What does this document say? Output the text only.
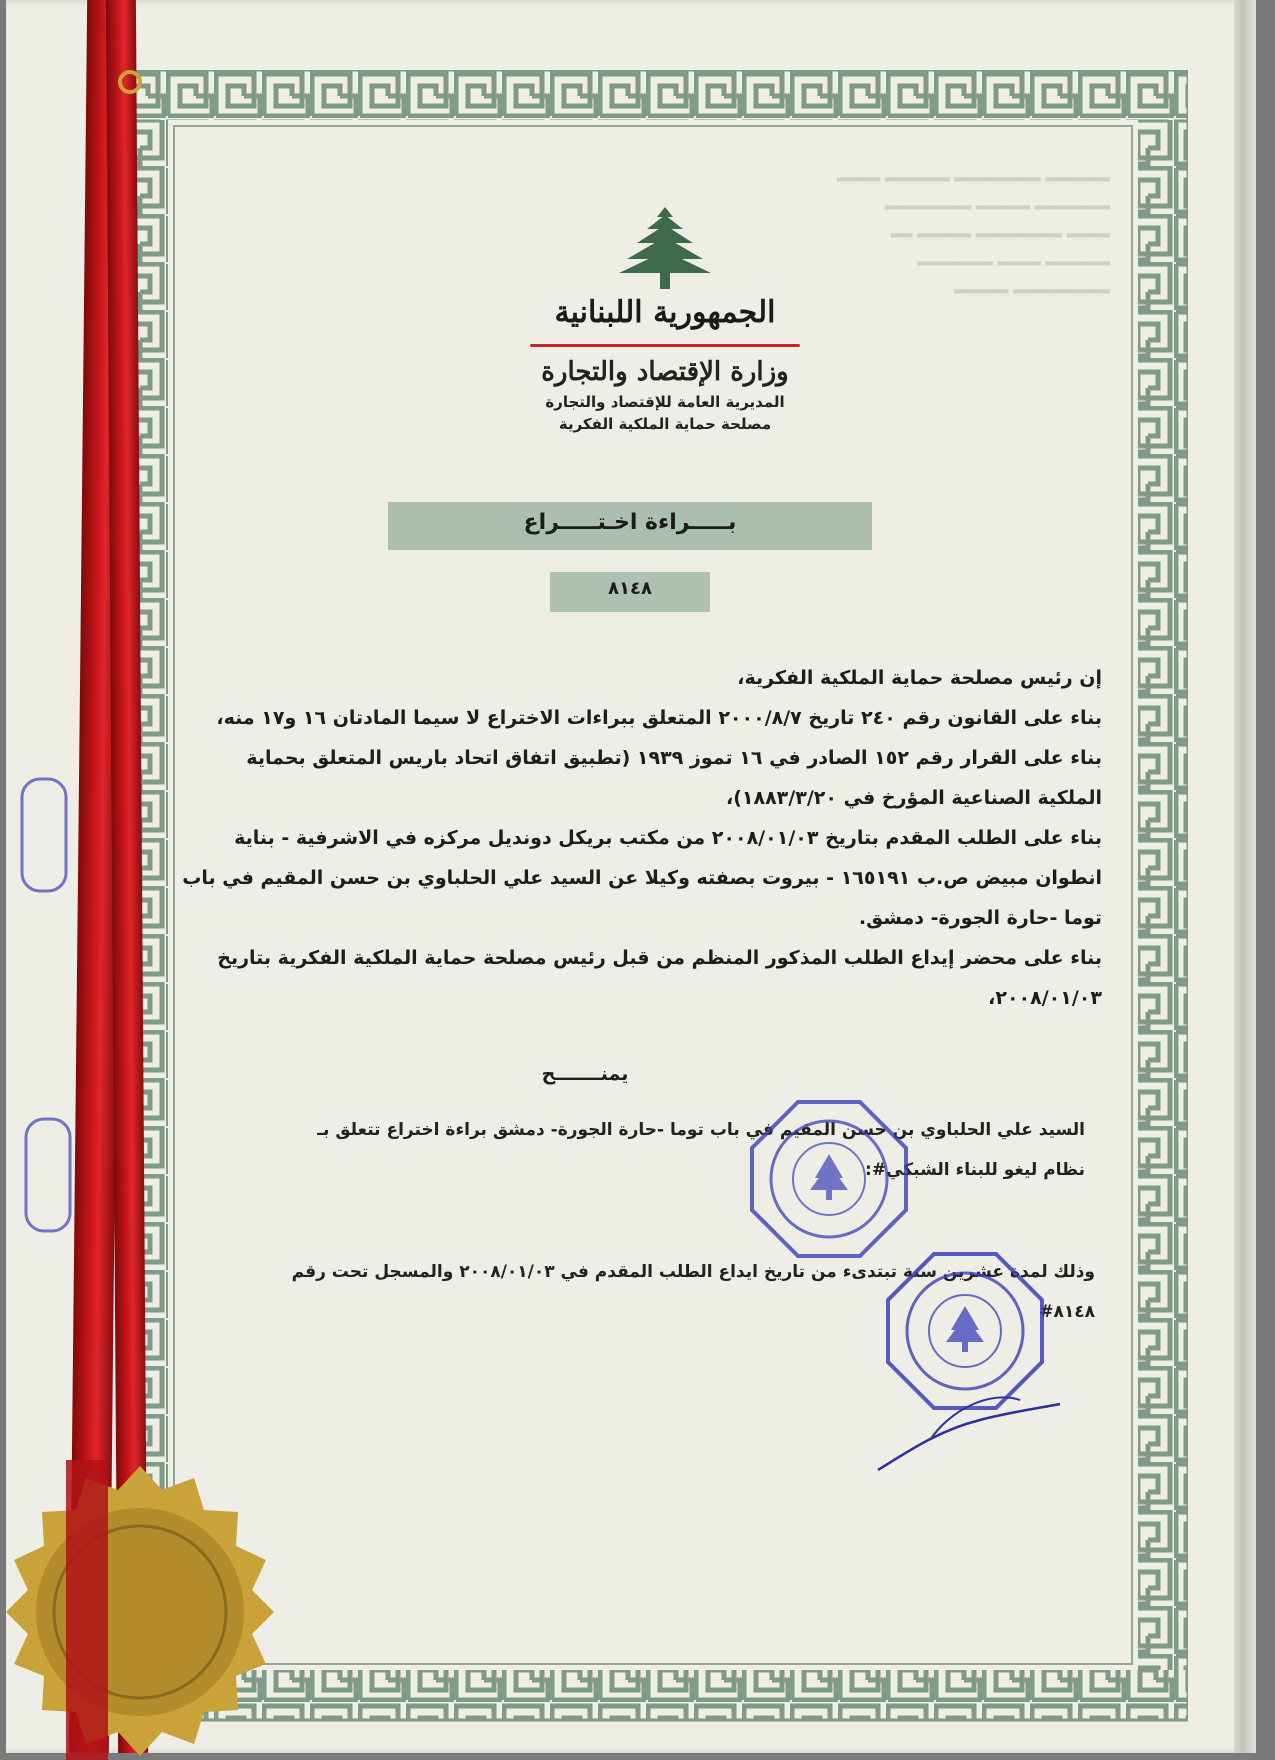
▂▂▂▂▂▂ ▂▂▂▂▂▂▂▂ ▂▂▂▂▂▂ ▂▂▂▂
▂▂▂▂▂▂▂ ▂▂▂▂▂ ▂▂▂▂▂▂▂▂
▂▂▂▂ ▂▂▂▂▂▂▂▂ ▂▂▂▂▂ ▂▂
▂▂▂▂▂▂ ▂▂▂▂ ▂▂▂▂▂▂▂
▂▂▂▂▂▂▂▂▂ ▂▂▂▂▂
الجمهورية اللبنانية
وزارة الإقتصاد والتجارة
المديرية العامة للإقتصاد والتجارة
مصلحة حماية الملكية الفكرية
بـــــراءة اخـتـــــراع
٨١٤٨

إن رئيس مصلحة حماية الملكية الفكرية،

بناء على القانون رقم ٢٤٠ تاريخ ٢٠٠٠/٨/٧ المتعلق ببراءات الاختراع لا سيما المادتان ١٦ و١٧ منه،

بناء على القرار رقم ١٥٢ الصادر في ١٦ تموز ١٩٣٩ (تطبيق اتفاق اتحاد باريس المتعلق بحماية

الملكية الصناعية المؤرخ في ١٨٨٣/٣/٢٠)،

بناء على الطلب المقدم بتاريخ ٢٠٠٨/٠١/٠٣ من مكتب بريكل دونديل مركزه في الاشرفية - بناية

انطوان مبيض ص.ب ١٦٥١٩١ - بيروت بصفته وكيلا عن السيد علي الحلباوي بن حسن المقيم في باب

توما -حارة الجورة- دمشق.

بناء على محضر إيداع الطلب المذكور المنظم من قبل رئيس مصلحة حماية الملكية الفكرية بتاريخ

٢٠٠٨/٠١/٠٣،

يمنـــــــح

السيد علي الحلباوي بن حسن المقيم في باب توما -حارة الجورة- دمشق براءة اختراع تتعلق بـ

نظام ليغو للبناء الشبكي#:

وذلك لمدة عشرين سنة تبتدىء من تاريخ ايداع الطلب المقدم في ٢٠٠٨/٠١/٠٣ والمسجل تحت رقم

٨١٤٨#
